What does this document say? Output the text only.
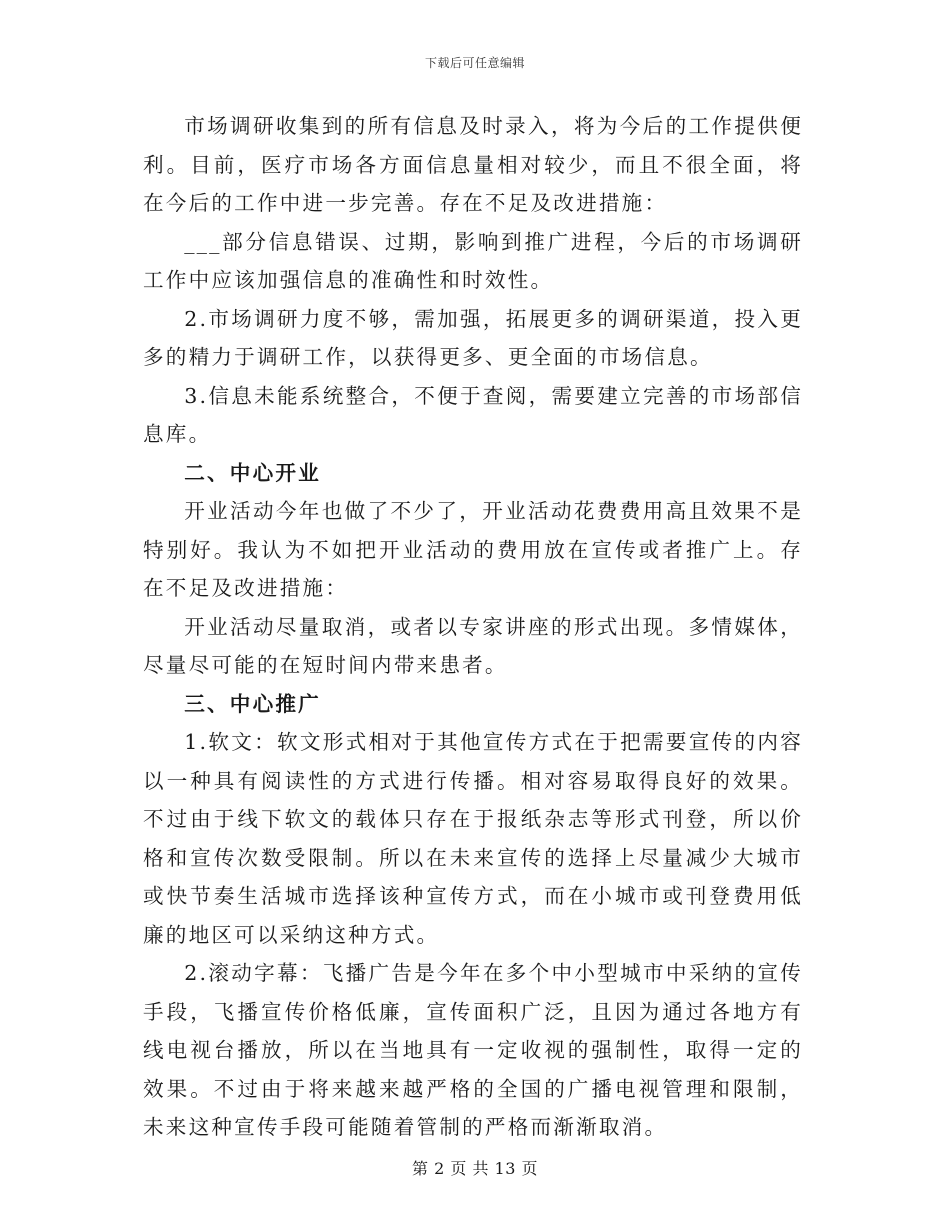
下载后可任意编辑

市场调研收集到的所有信息及时录入，将为今后的工作提供便利。目前，医疗市场各方面信息量相对较少，而且不很全面，将在今后的工作中进一步完善。存在不足及改进措施：

___部分信息错误、过期，影响到推广进程，今后的市场调研工作中应该加强信息的准确性和时效性。

2.市场调研力度不够，需加强，拓展更多的调研渠道，投入更多的精力于调研工作，以获得更多、更全面的市场信息。

3.信息未能系统整合，不便于查阅，需要建立完善的市场部信息库。

二、中心开业

开业活动今年也做了不少了，开业活动花费费用高且效果不是特别好。我认为不如把开业活动的费用放在宣传或者推广上。存在不足及改进措施：

开业活动尽量取消，或者以专家讲座的形式出现。多情媒体，尽量尽可能的在短时间内带来患者。

三、中心推广

1.软文：软文形式相对于其他宣传方式在于把需要宣传的内容以一种具有阅读性的方式进行传播。相对容易取得良好的效果。不过由于线下软文的载体只存在于报纸杂志等形式刊登，所以价格和宣传次数受限制。所以在未来宣传的选择上尽量减少大城市或快节奏生活城市选择该种宣传方式，而在小城市或刊登费用低廉的地区可以采纳这种方式。

2.滚动字幕：飞播广告是今年在多个中小型城市中采纳的宣传手段，飞播宣传价格低廉，宣传面积广泛，且因为通过各地方有线电视台播放，所以在当地具有一定收视的强制性，取得一定的效果。不过由于将来越来越严格的全国的广播电视管理和限制，未来这种宣传手段可能随着管制的严格而渐渐取消。

第 2 页 共 13 页
